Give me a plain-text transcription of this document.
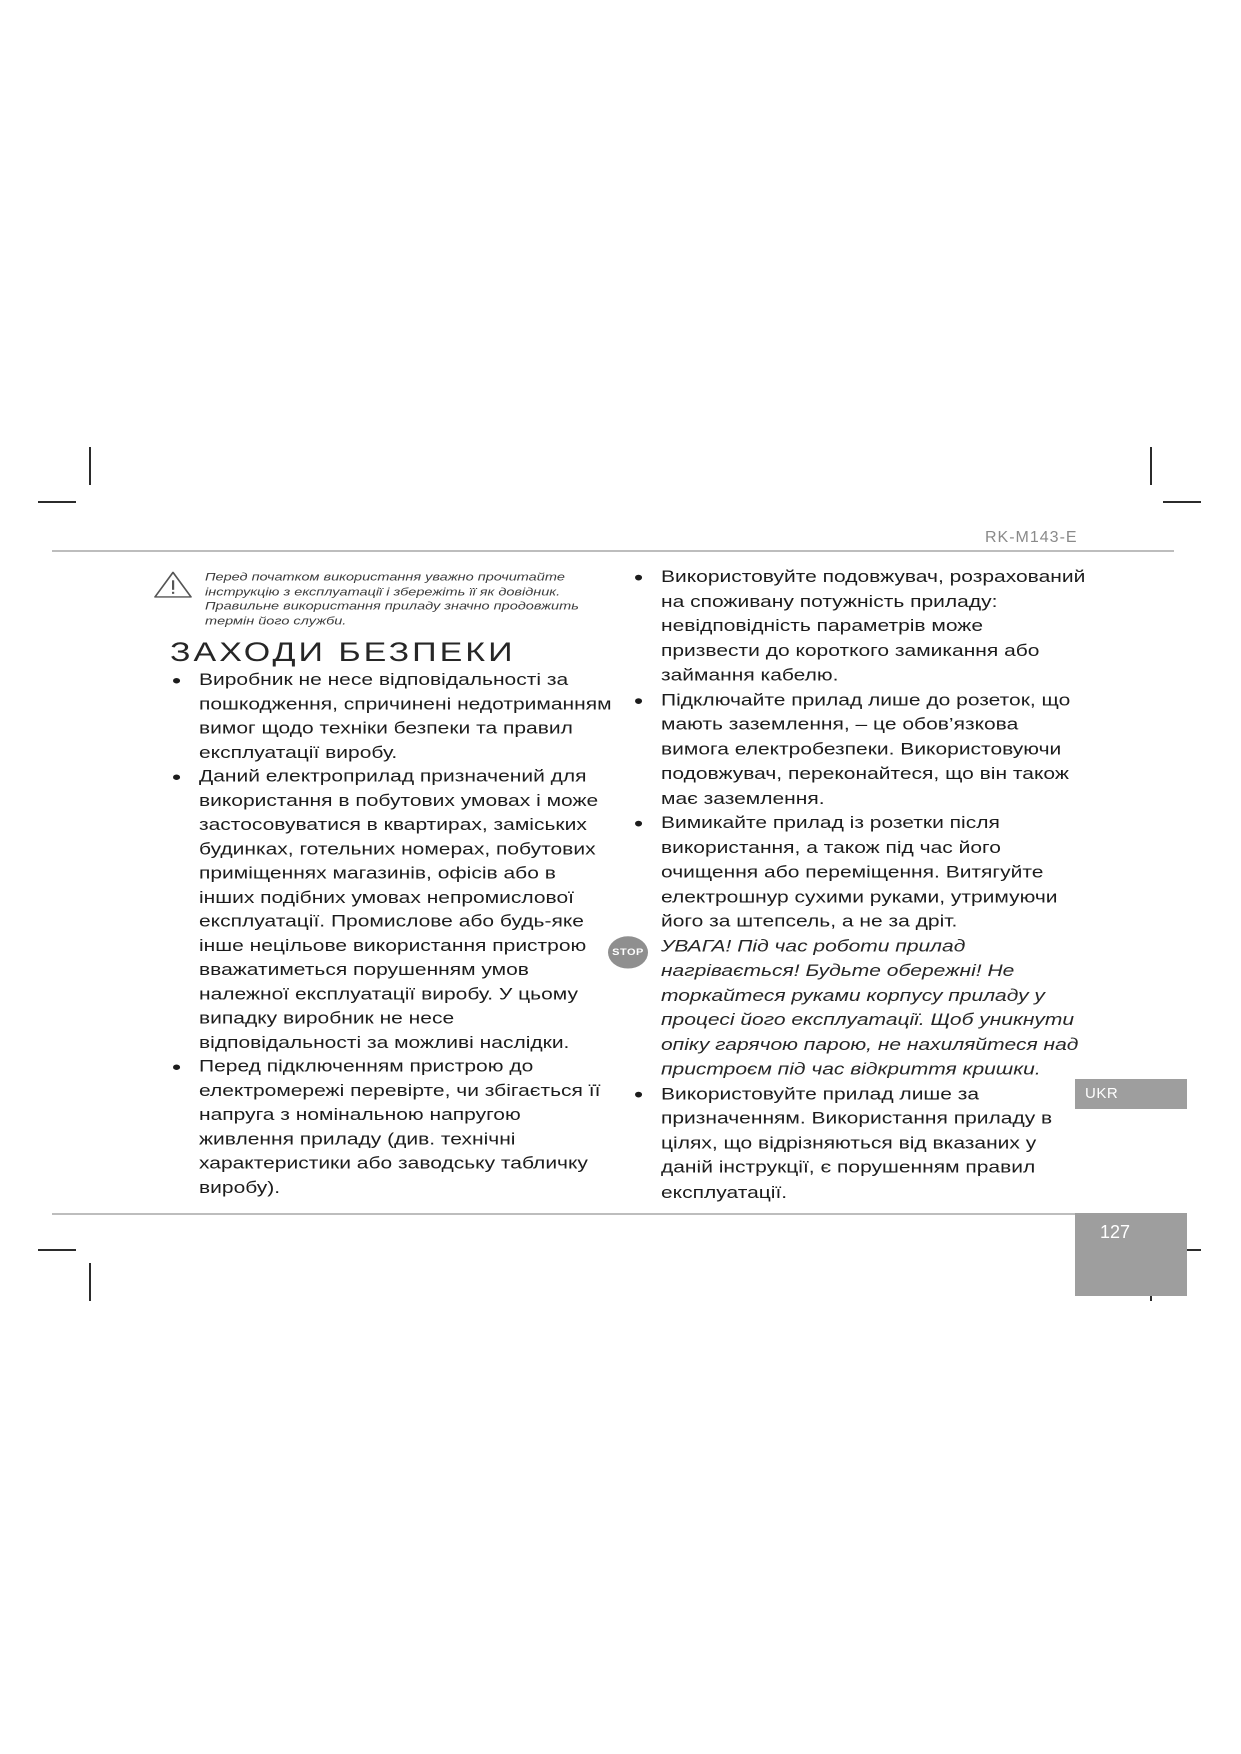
RK-M143-E
Перед початком використання уважно прочитайте інструкцію з експлуатації і збережіть її як довідник. Правильне використання приладу значно продовжить термін його служби.
ЗАХОДИ БЕЗПЕКИ
• Виробник не несе відповідальності за пошкодження, спричинені недотриманням вимог щодо техніки безпеки та правил експлуатації виробу.
• Даний електроприлад призначений для використання в побутових умовах і може застосовуватися в квартирах, заміських будинках, готельних номерах, побутових приміщеннях магазинів, офісів або в інших подібних умовах непромислової експлуатації. Промислове або будь-яке інше нецільове використання пристрою вважатиметься порушенням умов належної експлуатації виробу. У цьому випадку виробник не несе відповідальності за можливі наслідки.
• Перед підключенням пристрою до електромережі перевірте, чи збігається її напруга з номінальною напругою живлення приладу (див. технічні характеристики або заводську табличку виробу).
• Використовуйте подовжувач, розрахований на споживану потужність приладу: невідповідність параметрів може призвести до короткого замикання або займання кабелю.
• Підключайте прилад лише до розеток, що мають заземлення, – це обов’язкова вимога електробезпеки. Використовуючи подовжувач, переконайтеся, що він також має заземлення.
• Вимикайте прилад із розетки після використання, а також під час його очищення або переміщення. Витягуйте електрошнур сухими руками, утримуючи його за штепсель, а не за дріт.
STOP УВАГА! Під час роботи прилад нагрівається! Будьте обережні! Не торкайтеся руками корпусу приладу у процесі його експлуатації. Щоб уникнути опіку гарячою парою, не нахиляйтеся над пристроєм під час відкриття кришки.
• Використовуйте прилад лише за призначенням. Використання приладу в цілях, що відрізняються від вказаних у даній інструкції, є порушенням правил експлуатації.
UKR
127
